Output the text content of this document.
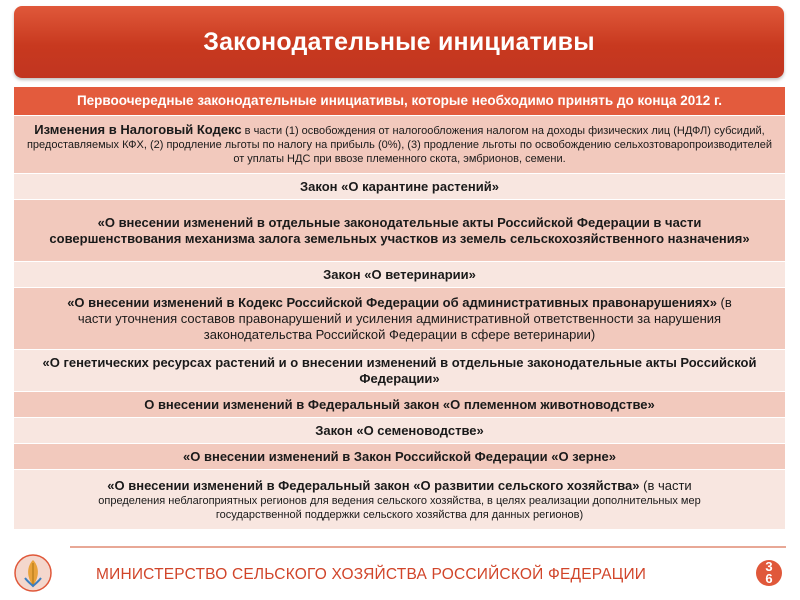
Законодательные инициативы
Первоочередные законодательные инициативы, которые необходимо принять до конца 2012 г.
Изменения в Налоговый Кодекс в части (1) освобождения от налогообложения налогом на доходы физических лиц (НДФЛ) субсидий, предоставляемых КФХ, (2) продление льготы по налогу на прибыль (0%), (3) продление льготы по освобождению сельхозтоваропроизводителей от уплаты НДС при ввозе племенного скота, эмбрионов, семени.
Закон «О карантине растений»
«О внесении изменений в отдельные законодательные акты Российской Федерации в части совершенствования механизма залога земельных участков из земель сельскохозяйственного назначения»
Закон «О ветеринарии»
«О внесении изменений в Кодекс Российской Федерации об административных правонарушениях» (в части уточнения составов правонарушений и усиления административной ответственности за нарушения законодательства Российской Федерации в сфере ветеринарии)
«О генетических ресурсах растений и о внесении изменений в отдельные законодательные акты Российской Федерации»
О внесении изменений в Федеральный закон «О племенном животноводстве»
Закон «О семеноводстве»
«О внесении изменений в Закон Российской Федерации «О зерне»
«О внесении изменений в Федеральный закон «О развитии сельского хозяйства» (в части
определения неблагоприятных регионов для ведения сельского хозяйства, в целях реализации дополнительных мер государственной поддержки сельского хозяйства для данных регионов)
МИНИСТЕРСТВО СЕЛЬСКОГО ХОЗЯЙСТВА РОССИЙСКОЙ ФЕДЕРАЦИИ	3
6
